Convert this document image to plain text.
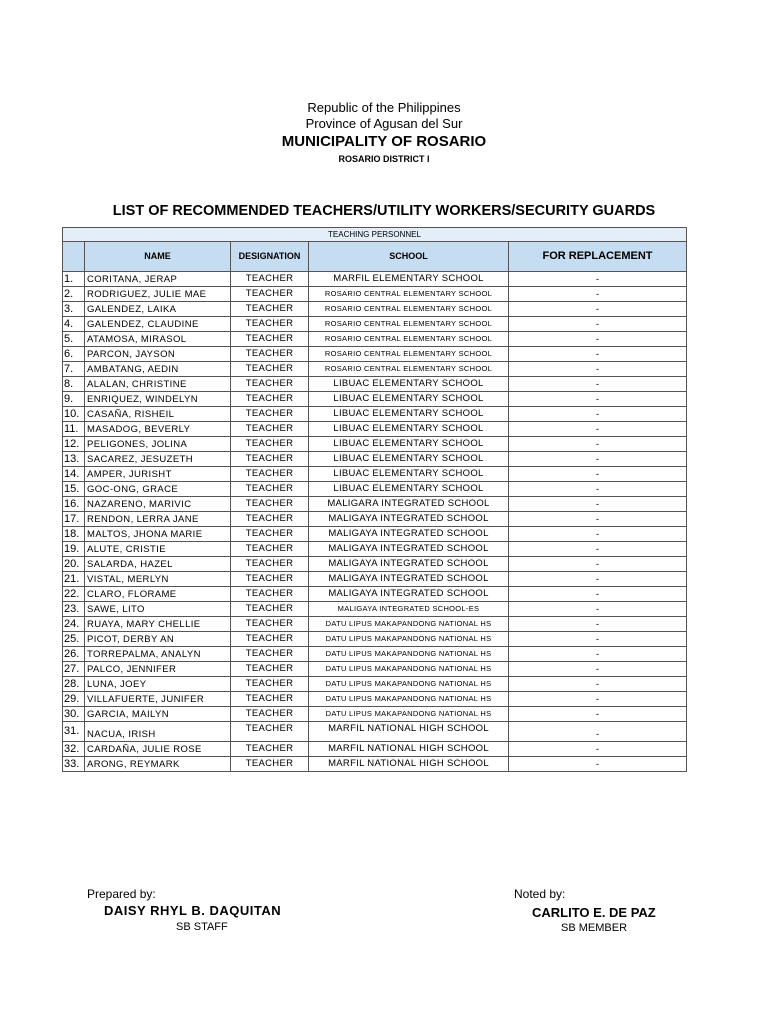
Republic of the Philippines
Province of Agusan del Sur
MUNICIPALITY OF ROSARIO
ROSARIO DISTRICT I
LIST OF RECOMMENDED TEACHERS/UTILITY WORKERS/SECURITY GUARDS
TEACHING PERSONNEL				
	NAME	DESIGNATION	SCHOOL	FOR REPLACEMENT
1.	CORITANA, JERAP	TEACHER	MARFIL ELEMENTARY SCHOOL	-
2.	RODRIGUEZ, JULIE MAE	TEACHER	ROSARIO CENTRAL ELEMENTARY SCHOOL	-
3.	GALENDEZ, LAIKA	TEACHER	ROSARIO CENTRAL ELEMENTARY SCHOOL	-
4.	GALENDEZ, CLAUDINE	TEACHER	ROSARIO CENTRAL ELEMENTARY SCHOOL	-
5.	ATAMOSA, MIRASOL	TEACHER	ROSARIO CENTRAL ELEMENTARY SCHOOL	-
6.	PARCON, JAYSON	TEACHER	ROSARIO CENTRAL ELEMENTARY SCHOOL	-
7.	AMBATANG, AEDIN	TEACHER	ROSARIO CENTRAL ELEMENTARY SCHOOL	-
8.	ALALAN, CHRISTINE	TEACHER	LIBUAC ELEMENTARY SCHOOL	-
9.	ENRIQUEZ, WINDELYN	TEACHER	LIBUAC ELEMENTARY SCHOOL	-
10.	CASAÑA, RISHEIL	TEACHER	LIBUAC ELEMENTARY SCHOOL	-
11.	MASADOG, BEVERLY	TEACHER	LIBUAC ELEMENTARY SCHOOL	-
12.	PELIGONES, JOLINA	TEACHER	LIBUAC ELEMENTARY SCHOOL	-
13.	SACAREZ, JESUZETH	TEACHER	LIBUAC ELEMENTARY SCHOOL	-
14.	AMPER, JURISHT	TEACHER	LIBUAC ELEMENTARY SCHOOL	-
15.	GOC-ONG, GRACE	TEACHER	LIBUAC ELEMENTARY SCHOOL	-
16.	NAZARENO, MARIVIC	TEACHER	MALIGARA INTEGRATED SCHOOL	-
17.	RENDON, LERRA JANE	TEACHER	MALIGAYA INTEGRATED SCHOOL	-
18.	MALTOS, JHONA MARIE	TEACHER	MALIGAYA INTEGRATED SCHOOL	-
19.	ALUTE, CRISTIE	TEACHER	MALIGAYA INTEGRATED SCHOOL	-
20.	SALARDA, HAZEL	TEACHER	MALIGAYA INTEGRATED SCHOOL	-
21.	VISTAL, MERLYN	TEACHER	MALIGAYA INTEGRATED SCHOOL	-
22.	CLARO, FLORAME	TEACHER	MALIGAYA INTEGRATED SCHOOL	-
23.	SAWE, LITO	TEACHER	MALIGAYA INTEGRATED SCHOOL-ES	-
24.	RUAYA, MARY CHELLIE	TEACHER	DATU LIPUS MAKAPANDONG NATIONAL HS	-
25.	PICOT, DERBY AN	TEACHER	DATU LIPUS MAKAPANDONG NATIONAL HS	-
26.	TORREPALMA, ANALYN	TEACHER	DATU LIPUS MAKAPANDONG NATIONAL HS	-
27.	PALCO, JENNIFER	TEACHER	DATU LIPUS MAKAPANDONG NATIONAL HS	-
28.	LUNA, JOEY	TEACHER	DATU LIPUS MAKAPANDONG NATIONAL HS	-
29.	VILLAFUERTE, JUNIFER	TEACHER	DATU LIPUS MAKAPANDONG NATIONAL HS	-
30.	GARCIA, MAILYN	TEACHER	DATU LIPUS MAKAPANDONG NATIONAL HS	-
31.	NACUA, IRISH	TEACHER	MARFIL NATIONAL HIGH SCHOOL	-
32.	CARDAÑA, JULIE ROSE	TEACHER	MARFIL NATIONAL HIGH SCHOOL	-
33.	ARONG, REYMARK	TEACHER	MARFIL NATIONAL HIGH SCHOOL	-
Prepared by:
DAISY RHYL B. DAQUITAN
SB STAFF
Noted by:
CARLITO E. DE PAZ
SB MEMBER
